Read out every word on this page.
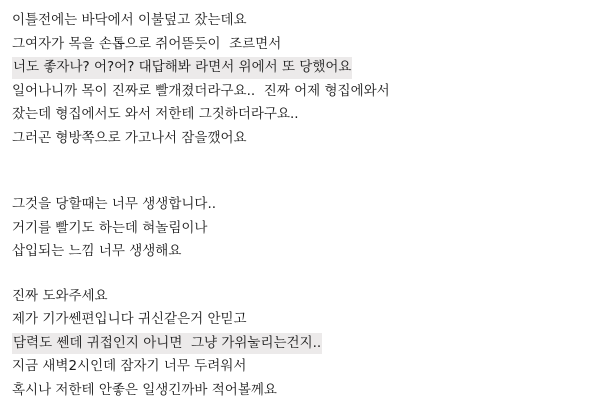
이틀전에는 바닥에서 이불덮고 잤는데요
그여자가 목을 손톱으로 쥐어뜯듯이  조르면서
너도 좋자나? 어?어? 대답해봐 라면서 위에서 또 당했어요
일어나니까 목이 진짜로 빨개졌더라구요..  진짜 어제 형집에와서
잤는데 형집에서도 와서 저한테 그짓하더라구요..
그러곤 형방쪽으로 가고나서 잠을깼어요
그것을 당할때는 너무 생생합니다..
거기를 빨기도 하는데 혀놀림이나
삽입되는 느낌 너무 생생해요
진짜 도와주세요
제가 기가쎈편입니다 귀신같은거 안믿고
담력도 쎈데 귀접인지 아니면  그냥 가위눌리는건지..
지금 새벽2시인데 잠자기 너무 두려워서
혹시나 저한테 안좋은 일생긴까바 적어볼께요
